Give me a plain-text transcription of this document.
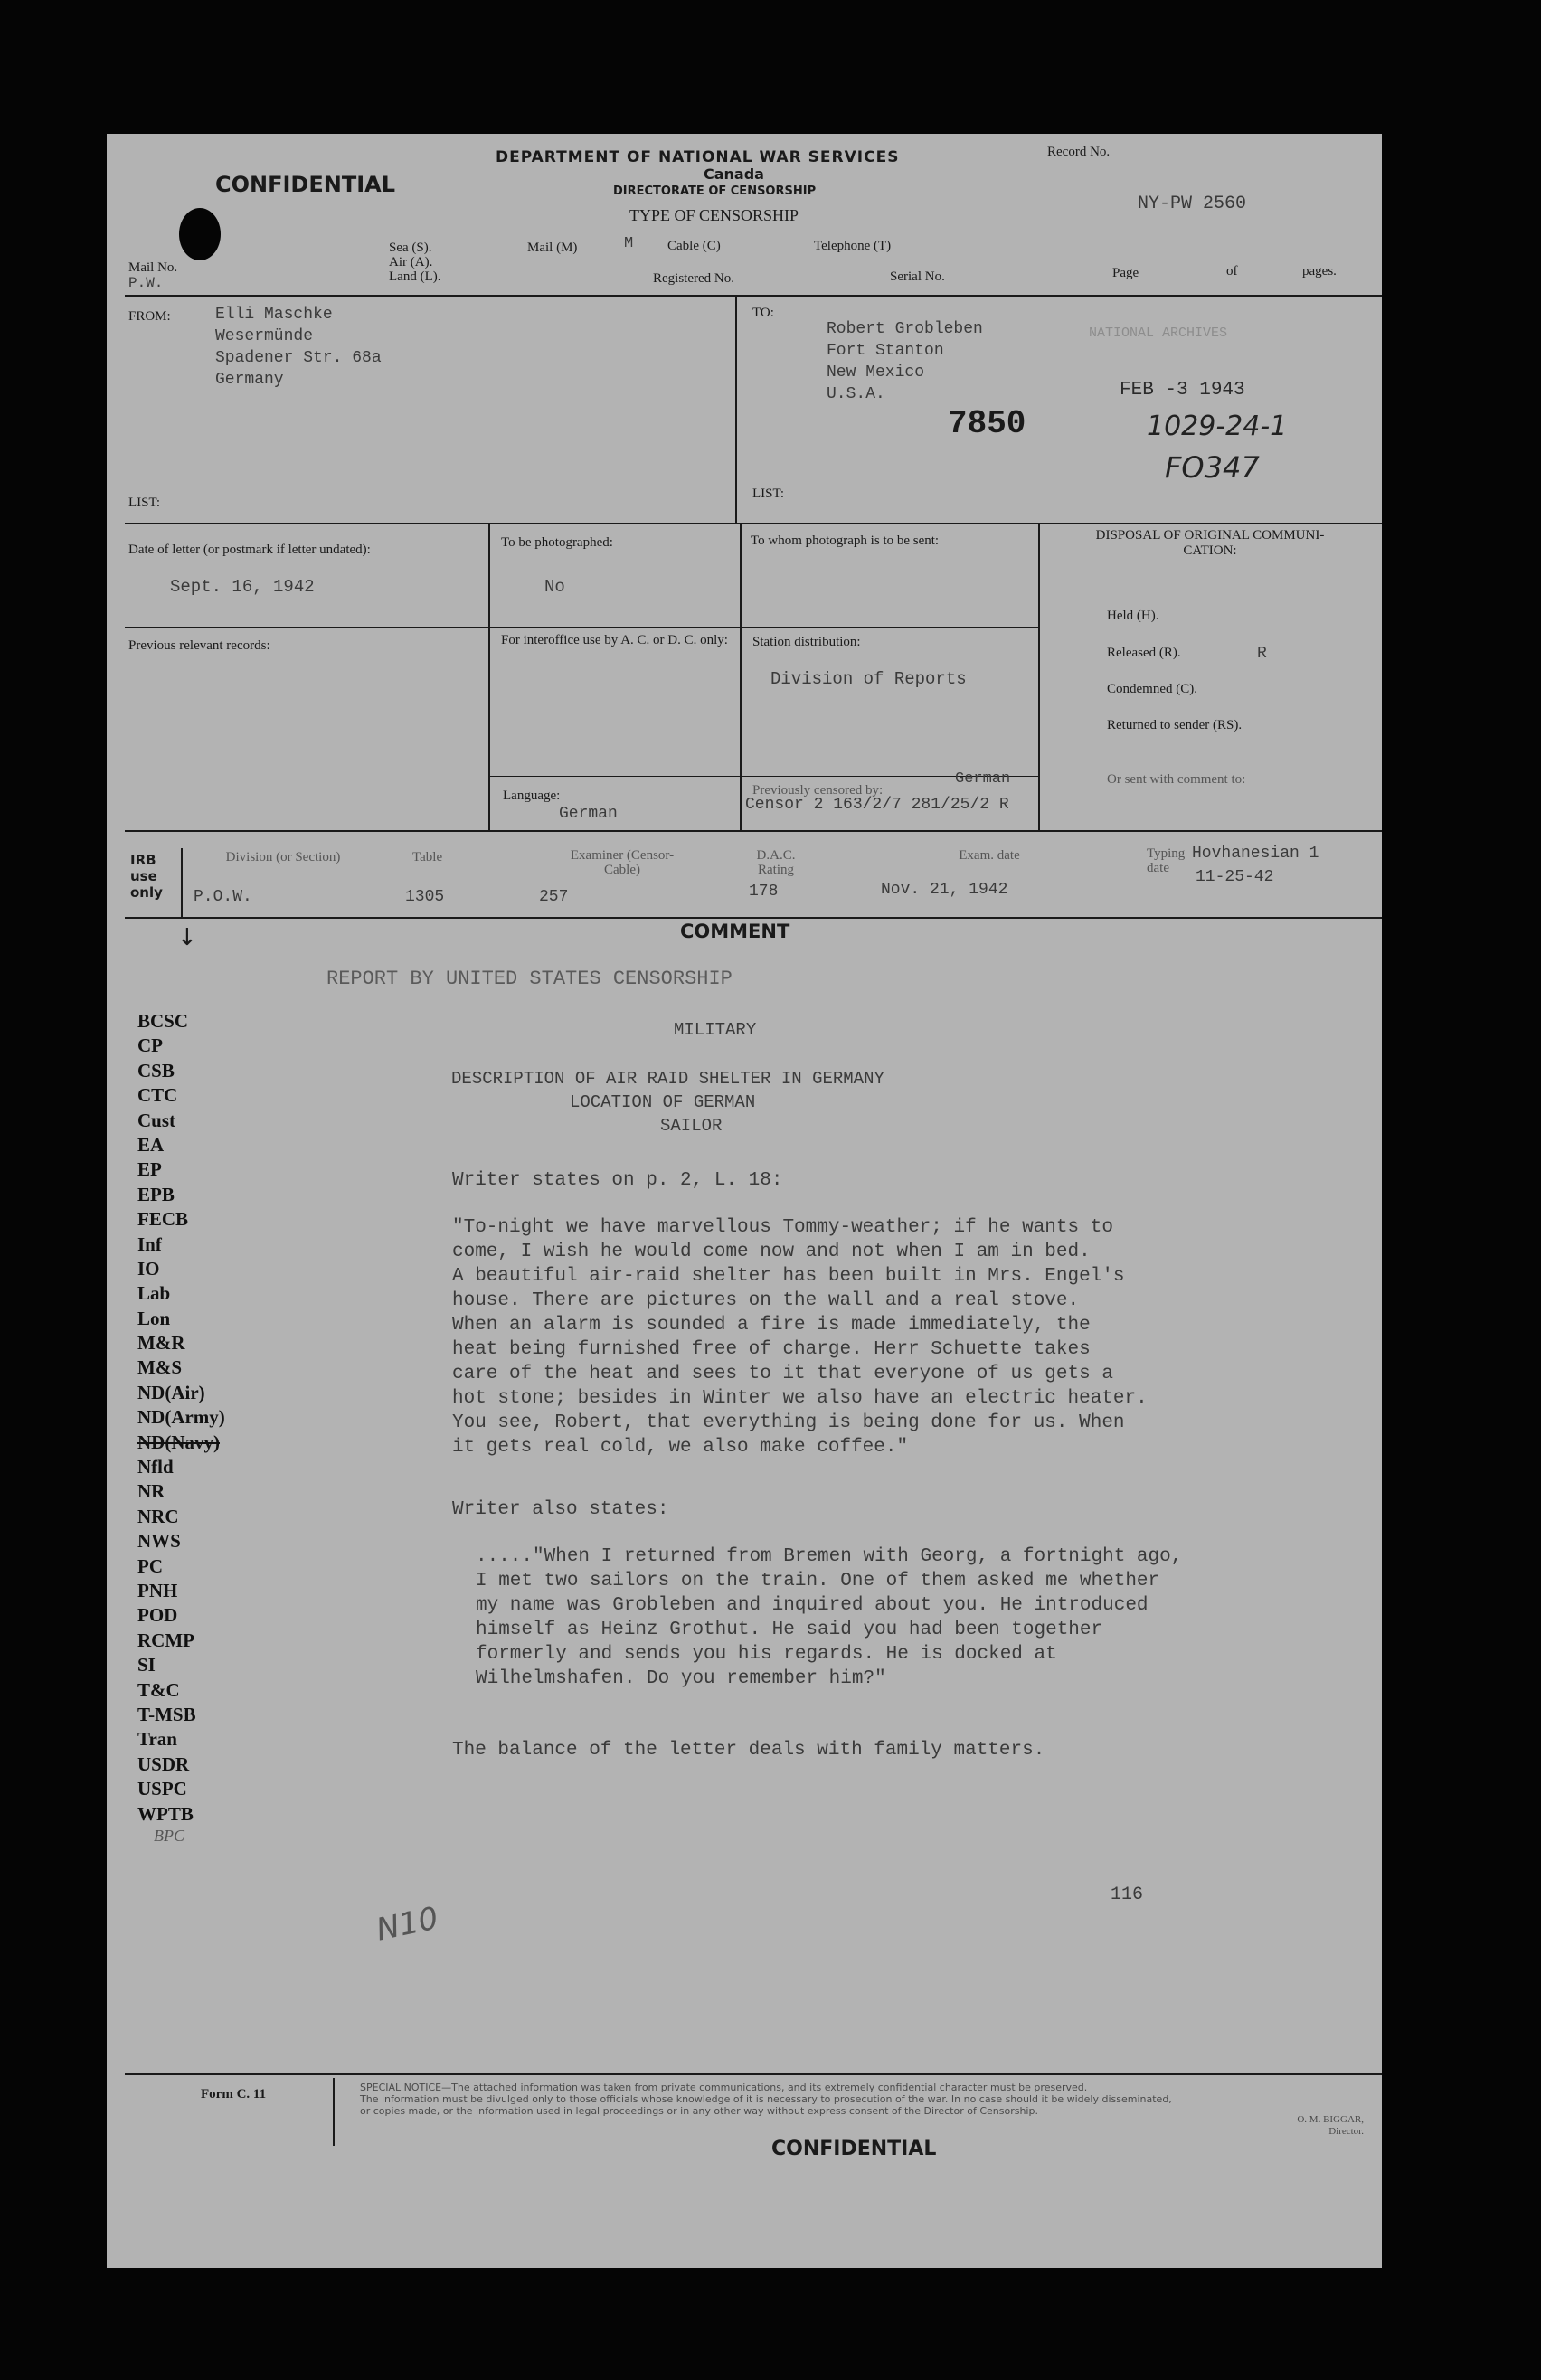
CONFIDENTIAL
DEPARTMENT OF NATIONAL WAR SERVICES
Canada
DIRECTORATE OF CENSORSHIP
TYPE OF CENSORSHIP
Record No.
NY-PW 2560
Sea (S).
Air (A).
Land (L).
Mail (M)	M	Cable (C)	Telephone (T)
Mail No.
P.W.	Registered No.	Serial No.	Page	of	pages.
FROM:	Elli Maschke
Wesermünde
Spadener Str. 68a
Germany
LIST:
TO:
Robert Grobleben
Fort Stanton
New Mexico
U.S.A.
LIST:
7850
NATIONAL ARCHIVES
FEB -3 1943
1029-24-1
FO347
Date of letter (or postmark if letter undated):
Sept. 16, 1942
To be photographed:
No
To whom photograph is to be sent:	DISPOSAL OF ORIGINAL COMMUNI-CATION:
Held (H).
Released (R).	R
Condemned (C).
Returned to sender (RS).
Or sent with comment to:
Previous relevant records:	For interoffice use by A. C. or D. C. only:	Station distribution:
Division of Reports
Language:
German
Previously censored by:
German
Censor 2 163/2/7 281/25/2 R
IRB use only
Division (or Section)
P.O.W.
Table
1305
Examiner (Censor-Cable)
257
D.A.C. Rating
178
Exam. date
Nov. 21, 1942
Typing date
Hovhanesian 1
11-25-42
COMMENT
↓
REPORT BY UNITED STATES CENSORSHIP
MILITARY
DESCRIPTION OF AIR RAID SHELTER IN GERMANY
LOCATION OF GERMAN
SAILOR
Writer states on p. 2, L. 18:
"To-night we have marvellous Tommy-weather; if he wants to
come, I wish he would come now and not when I am in bed.
A beautiful air-raid shelter has been built in Mrs. Engel's
house. There are pictures on the wall and a real stove.
When an alarm is sounded a fire is made immediately, the
heat being furnished free of charge. Herr Schuette takes
care of the heat and sees to it that everyone of us gets a
hot stone; besides in Winter we also have an electric heater.
You see, Robert, that everything is being done for us. When
it gets real cold, we also make coffee."
Writer also states:
....."When I returned from Bremen with Georg, a fortnight ago,
I met two sailors on the train. One of them asked me whether
my name was Grobleben and inquired about you. He introduced
himself as Heinz Grothut. He said you had been together
formerly and sends you his regards. He is docked at
Wilhelmshafen. Do you remember him?"
The balance of the letter deals with family matters.
116
N10
BCSC
CP
CSB
CTC
Cust
EA
EP
EPB
FECB
Inf
IO
Lab
Lon
M&R
M&S
ND(Air)
ND(Army)
ND(Navy)
Nfld
NR
NRC
NWS
PC
PNH
POD
RCMP
SI
T&C
T-MSB
Tran
USDR
USPC
WPTB
BPC
Form C. 11	SPECIAL NOTICE—The attached information was taken from private communications, and its extremely confidential character must be preserved.
The information must be divulged only to those officials whose knowledge of it is necessary to prosecution of the war. In no case should it be widely disseminated,
or copies made, or the information used in legal proceedings or in any other way without express consent of the Director of Censorship.
O. M. BIGGAR, Director.
CONFIDENTIAL
